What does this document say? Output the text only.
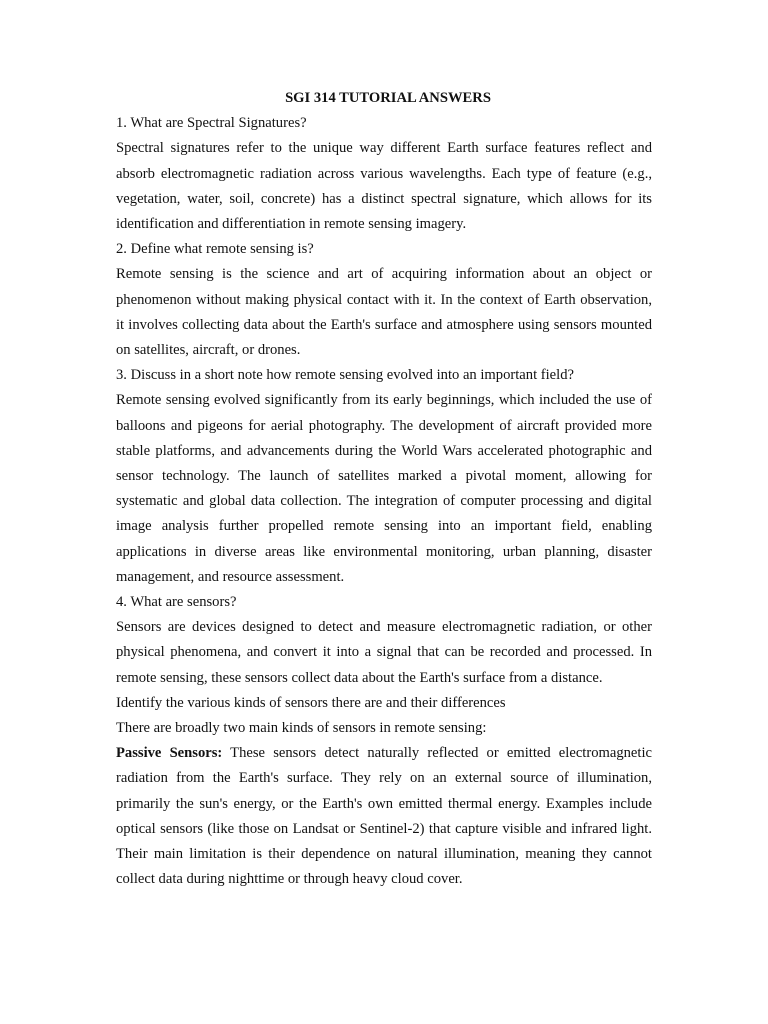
SGI 314 TUTORIAL ANSWERS

1. What are Spectral Signatures?

Spectral signatures refer to the unique way different Earth surface features reflect and absorb electromagnetic radiation across various wavelengths. Each type of feature (e.g., vegetation, water, soil, concrete) has a distinct spectral signature, which allows for its identification and differentiation in remote sensing imagery.

2. Define what remote sensing is?

Remote sensing is the science and art of acquiring information about an object or phenomenon without making physical contact with it. In the context of Earth observation, it involves collecting data about the Earth's surface and atmosphere using sensors mounted on satellites, aircraft, or drones.

3. Discuss in a short note how remote sensing evolved into an important field?

Remote sensing evolved significantly from its early beginnings, which included the use of balloons and pigeons for aerial photography. The development of aircraft provided more stable platforms, and advancements during the World Wars accelerated photographic and sensor technology. The launch of satellites marked a pivotal moment, allowing for systematic and global data collection. The integration of computer processing and digital image analysis further propelled remote sensing into an important field, enabling applications in diverse areas like environmental monitoring, urban planning, disaster management, and resource assessment.

4. What are sensors?

Sensors are devices designed to detect and measure electromagnetic radiation, or other physical phenomena, and convert it into a signal that can be recorded and processed. In remote sensing, these sensors collect data about the Earth's surface from a distance.

Identify the various kinds of sensors there are and their differences

There are broadly two main kinds of sensors in remote sensing:

Passive Sensors: These sensors detect naturally reflected or emitted electromagnetic radiation from the Earth's surface. They rely on an external source of illumination, primarily the sun's energy, or the Earth's own emitted thermal energy. Examples include optical sensors (like those on Landsat or Sentinel-2) that capture visible and infrared light. Their main limitation is their dependence on natural illumination, meaning they cannot collect data during nighttime or through heavy cloud cover.
